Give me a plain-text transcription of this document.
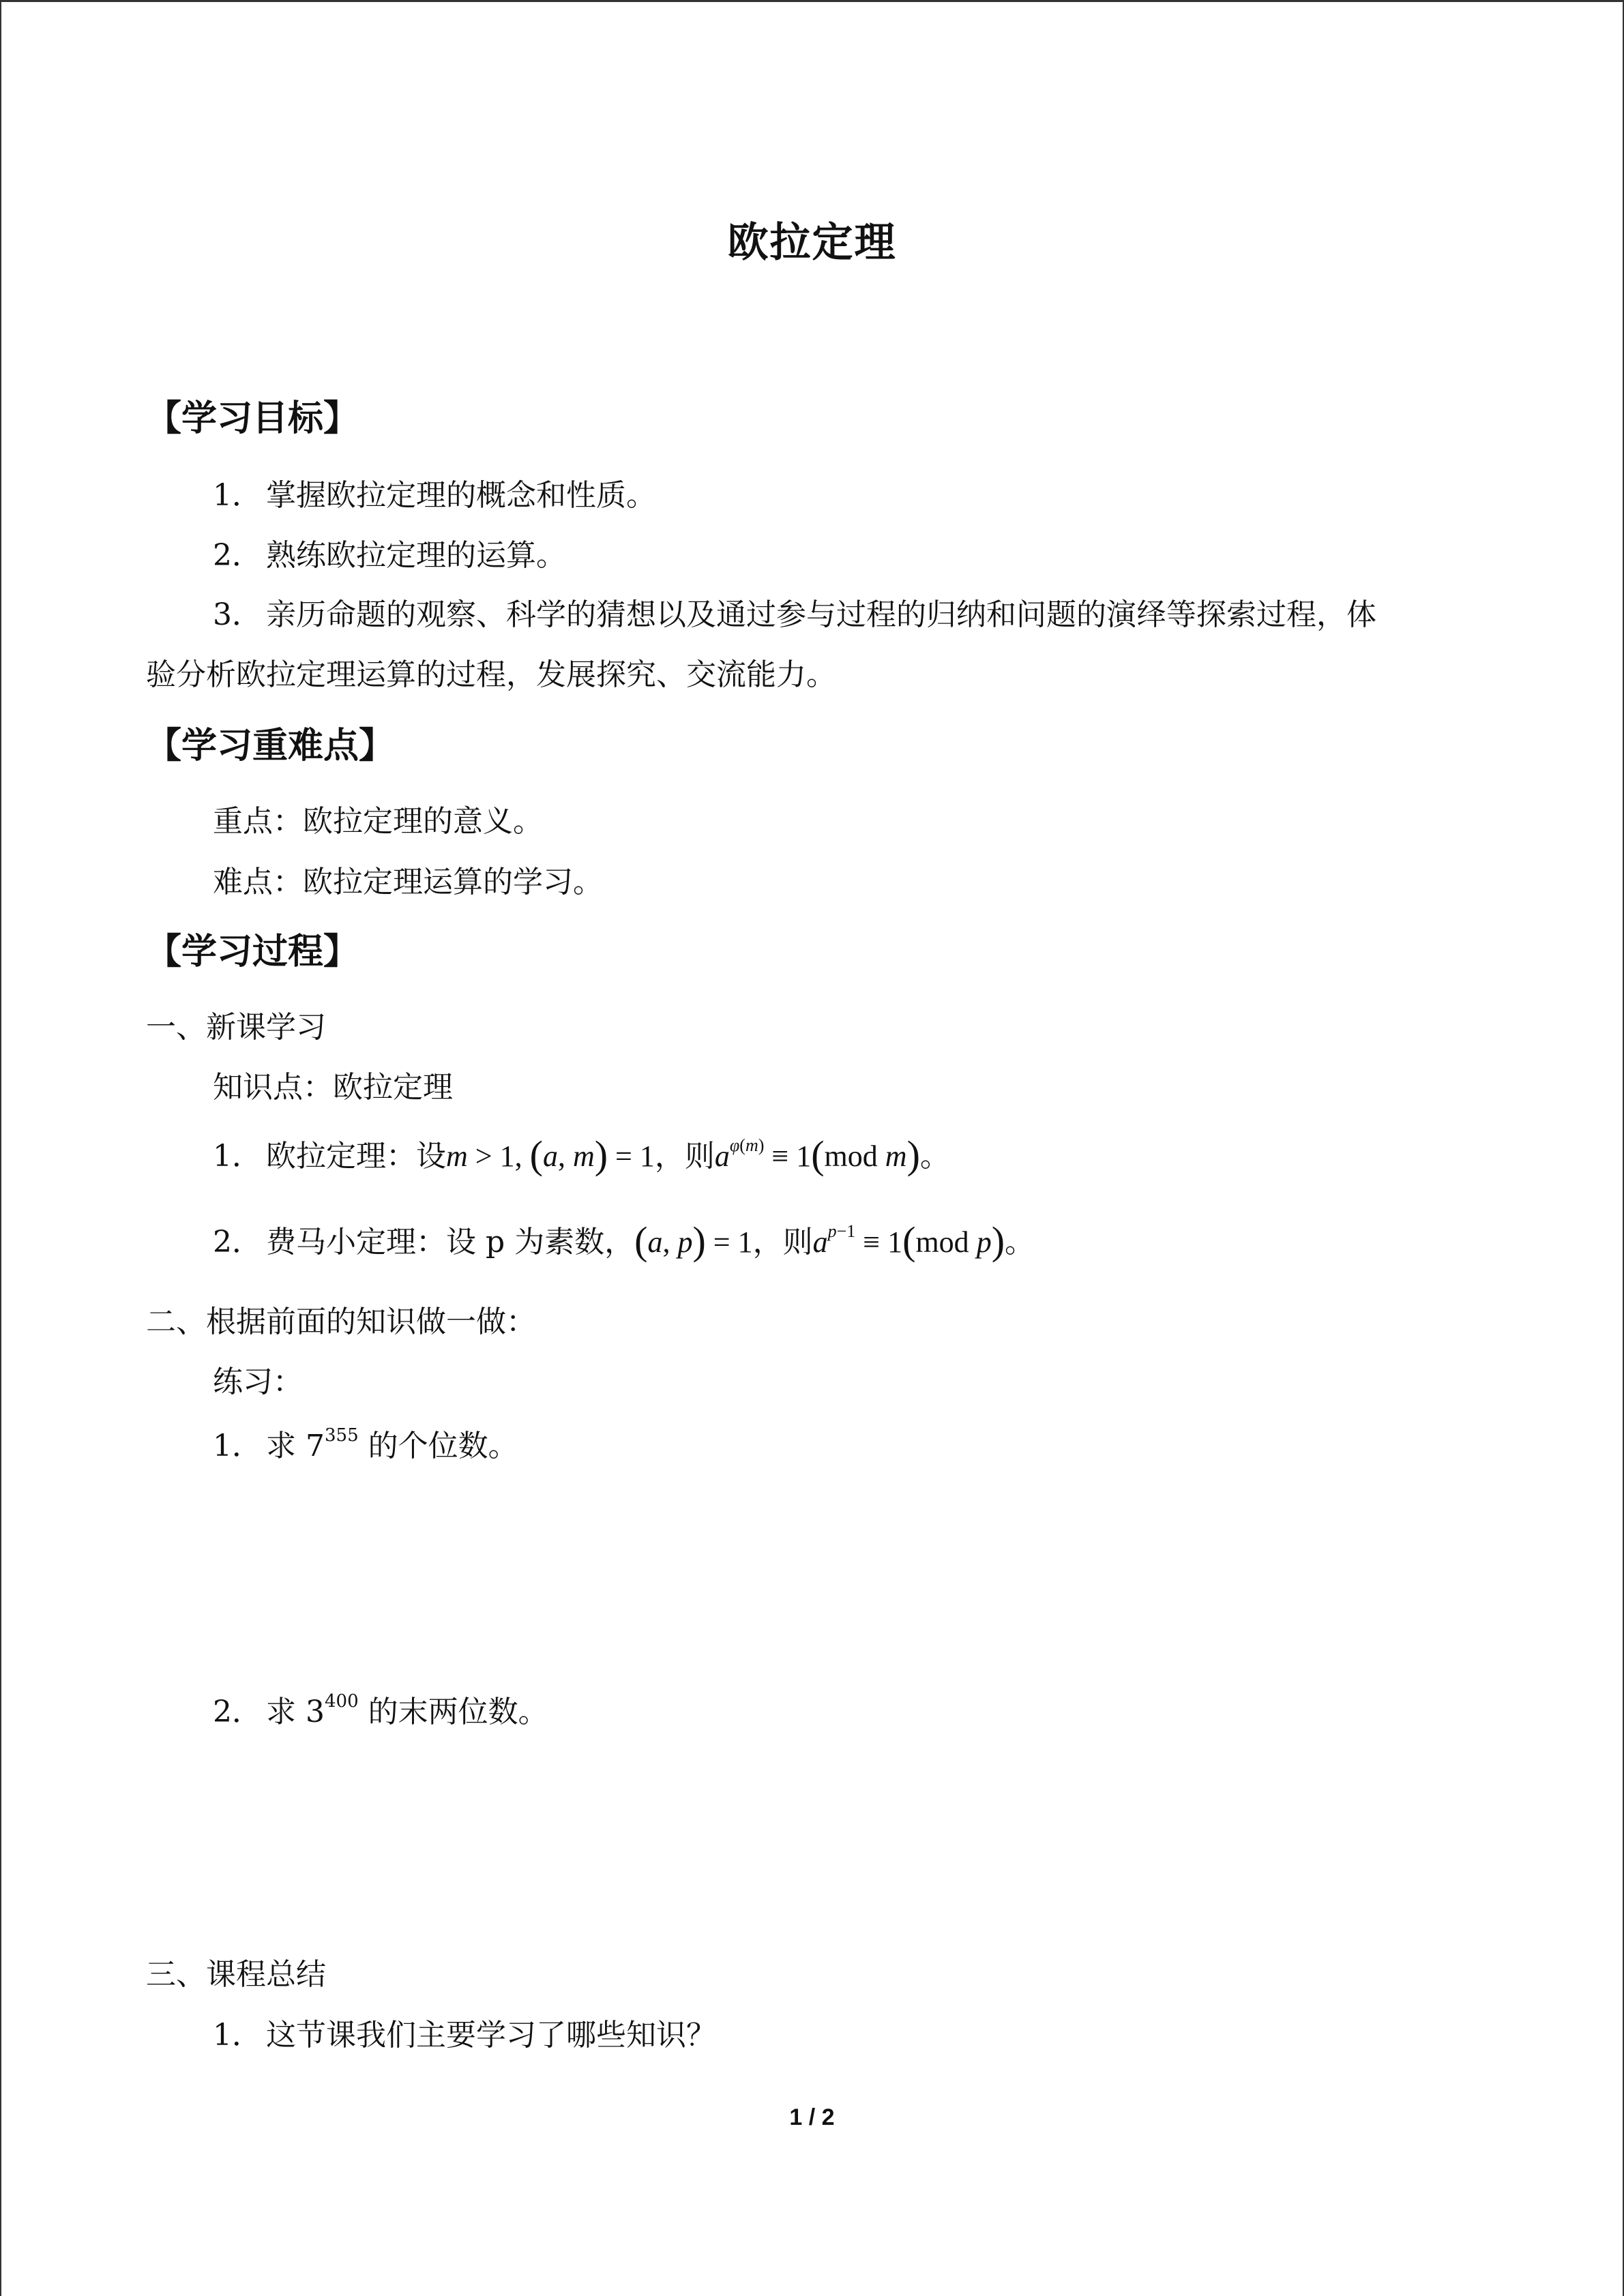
欧拉定理
【学习目标】
1． 掌握欧拉定理的概念和性质。
2． 熟练欧拉定理的运算。
3． 亲历命题的观察、科学的猜想以及通过参与过程的归纳和问题的演绎等探索过程，体
验分析欧拉定理运算的过程，发展探究、交流能力。
【学习重难点】
重点：欧拉定理的意义。
难点：欧拉定理运算的学习。
【学习过程】
一、新课学习
知识点：欧拉定理
1． 欧拉定理：设m > 1, (a, m) = 1，则$a^{\varphi(m)} \equiv 1(mod$ m)。
2． 费马小定理：设 p 为素数，(a, p) = 1，则$a^{p-1} \equiv 1(mod$ p)。
二、根据前面的知识做一做：
练习：
1． 求 $7^{355}$ 的个位数。
2． 求 $3^{400}$ 的末两位数。
三、课程总结
1． 这节课我们主要学习了哪些知识？
1 / 2
